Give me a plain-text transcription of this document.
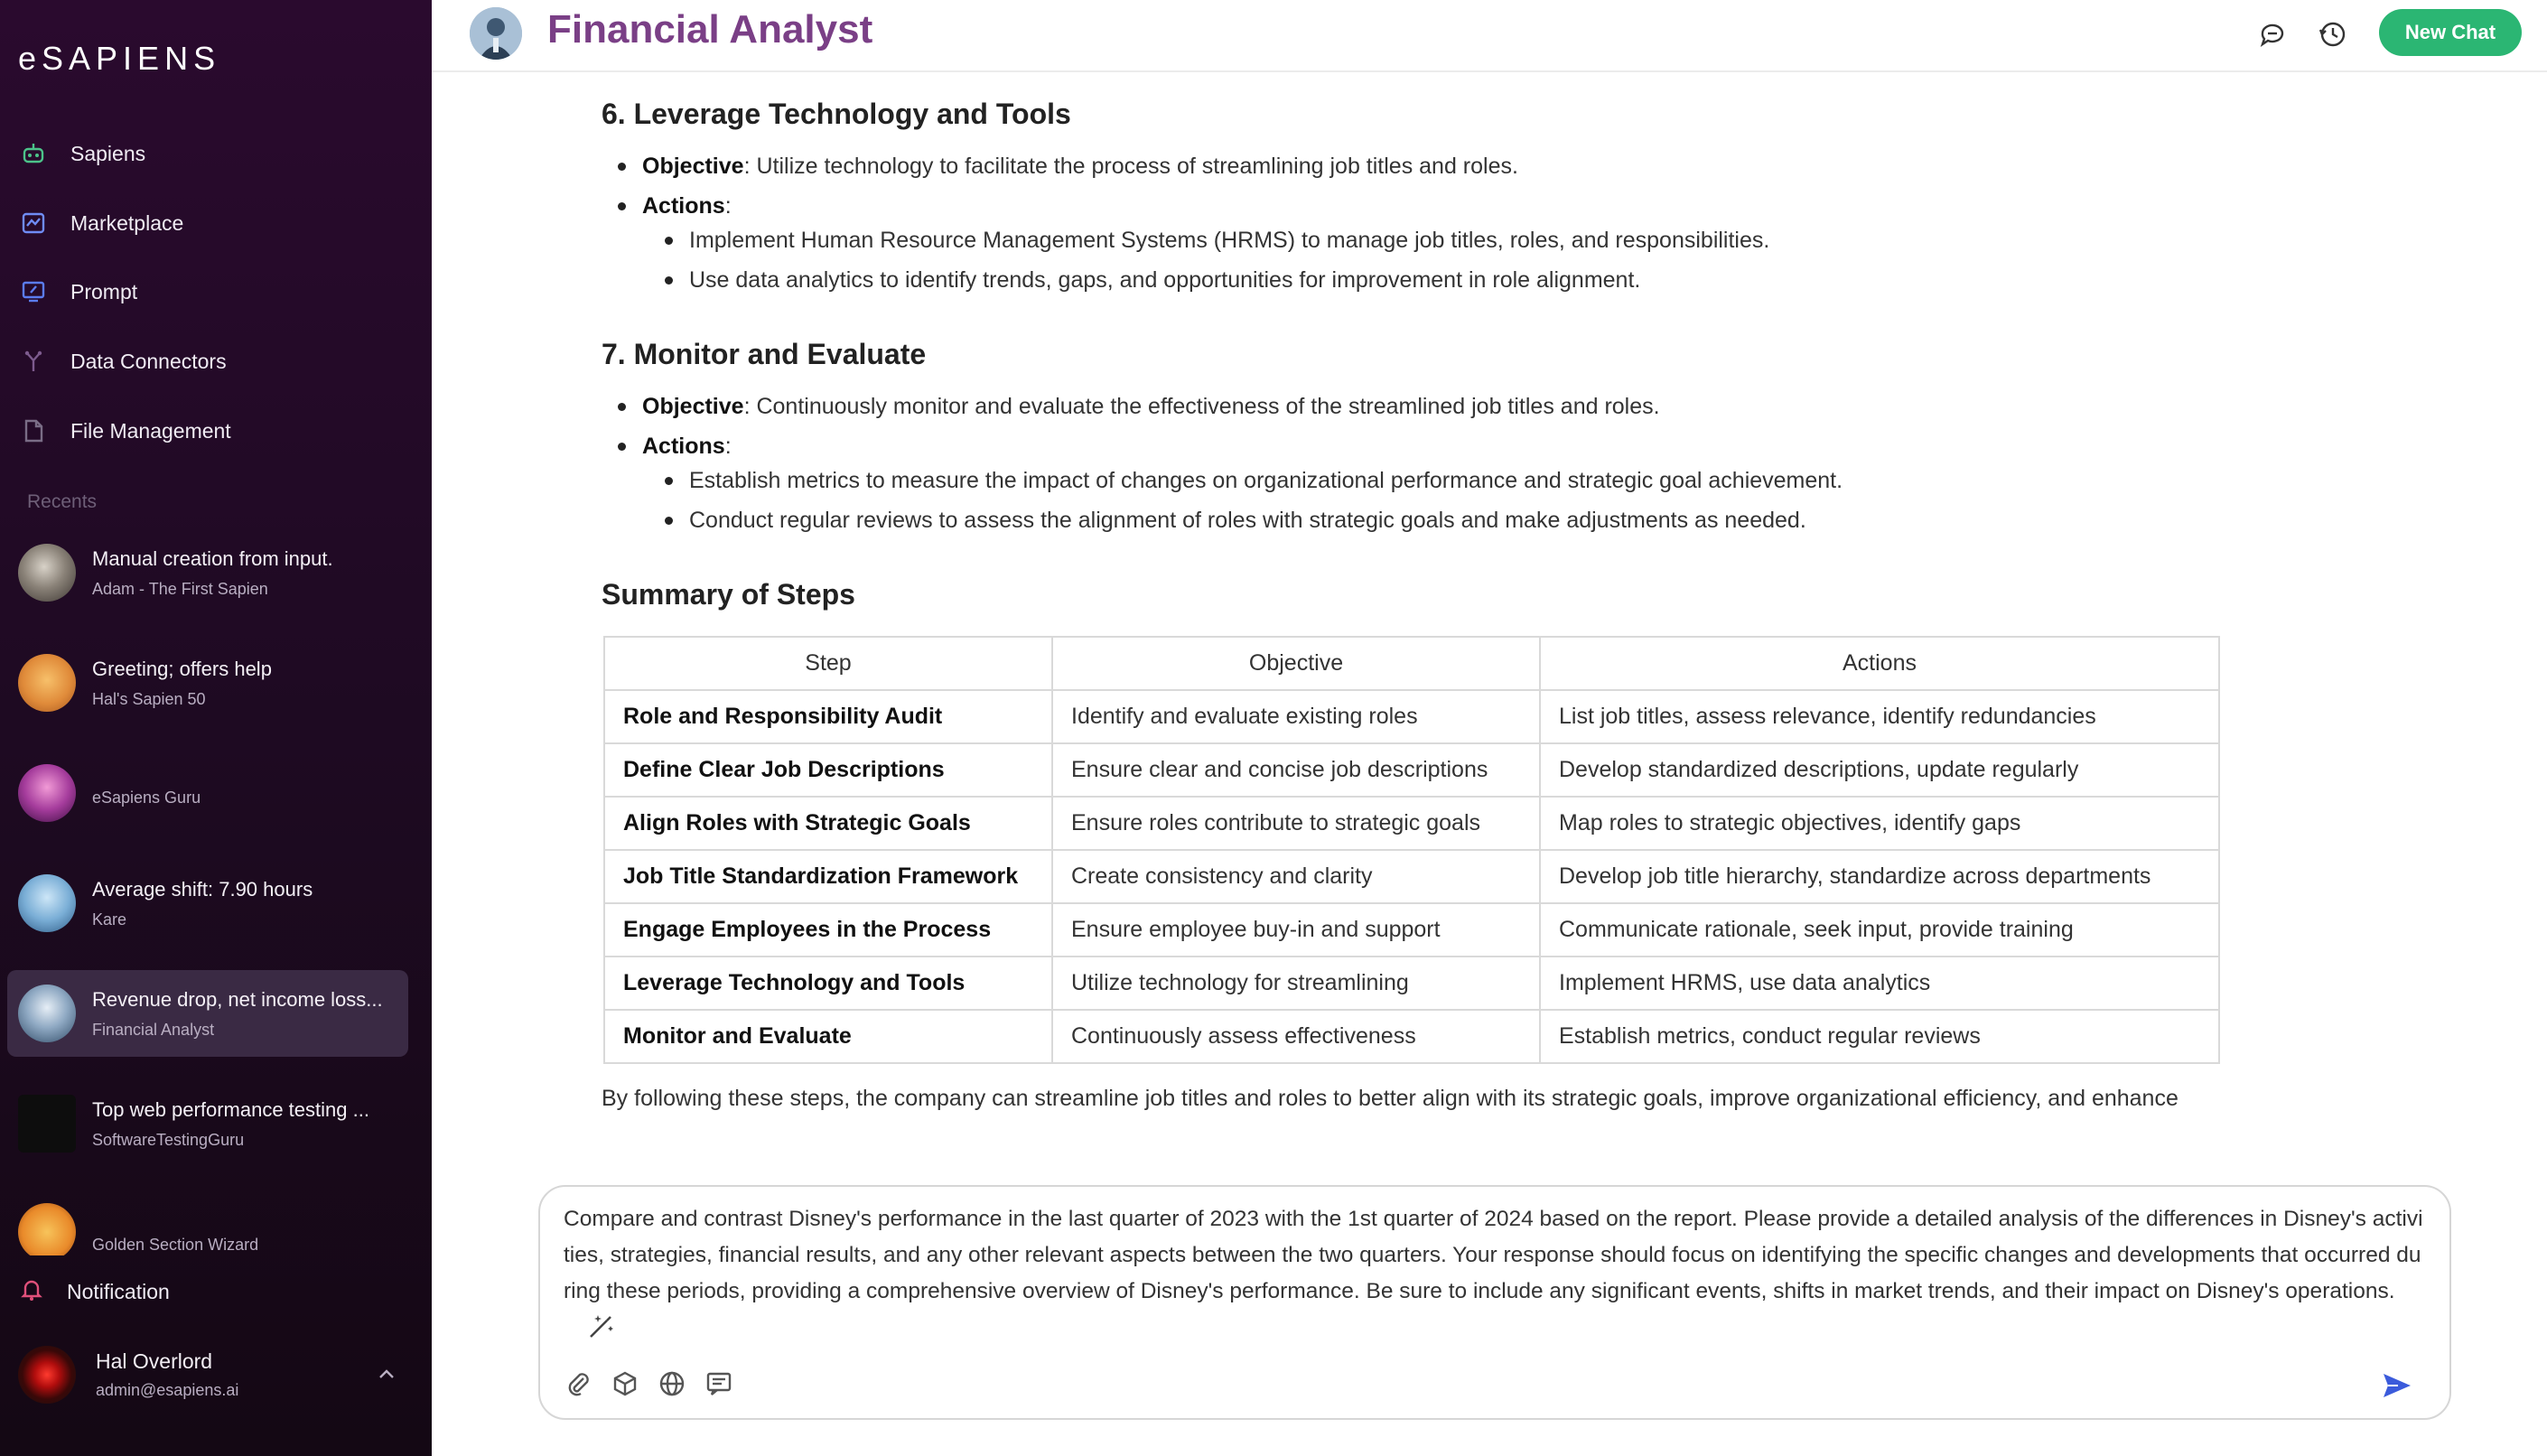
eSAPIENS
Sapiens
Marketplace
Prompt
Data Connectors
File Management
Recents
Manual creation from input.
Adam - The First Sapien
Greeting; offers help
Hal's Sapien 50
eSapiens Guru
Average shift: 7.90 hours
Kare
Revenue drop, net income loss...
Financial Analyst
Top web performance testing ...
SoftwareTestingGuru
Golden Section Wizard
Notification
Hal Overlord
admin@esapiens.ai
Financial Analyst	New Chat
6. Leverage Technology and Tools
Objective : Utilize technology to facilitate the process of streamlining job titles and roles.
Actions :
Implement Human Resource Management Systems (HRMS) to manage job titles, roles, and responsibilities.
Use data analytics to identify trends, gaps, and opportunities for improvement in role alignment.
7. Monitor and Evaluate
Objective : Continuously monitor and evaluate the effectiveness of the streamlined job titles and roles.
Actions :
Establish metrics to measure the impact of changes on organizational performance and strategic goal achievement.
Conduct regular reviews to assess the alignment of roles with strategic goals and make adjustments as needed.
Summary of Steps
Step	Objective	Actions
Role and Responsibility Audit	Identify and evaluate existing roles	List job titles, assess relevance, identify redundancies
Define Clear Job Descriptions	Ensure clear and concise job descriptions	Develop standardized descriptions, update regularly
Align Roles with Strategic Goals	Ensure roles contribute to strategic goals	Map roles to strategic objectives, identify gaps
Job Title Standardization Framework	Create consistency and clarity	Develop job title hierarchy, standardize across departments
Engage Employees in the Process	Ensure employee buy-in and support	Communicate rationale, seek input, provide training
Leverage Technology and Tools	Utilize technology for streamlining	Implement HRMS, use data analytics
Monitor and Evaluate	Continuously assess effectiveness	Establish metrics, conduct regular reviews
By following these steps, the company can streamline job titles and roles to better align with its strategic goals, improve organizational efficiency, and enhance
Compare and contrast Disney's performance in the last quarter of 2023 with the 1st quarter of 2024 based on the report. Please provide a detailed analysis of the differences in Disney's activities, strategies, financial results, and any other relevant aspects between the two quarters. Your response should focus on identifying the specific changes and developments that occurred during these periods, providing a comprehensive overview of Disney's performance. Be sure to include any significant events, shifts in market trends, and their impact on Disney's operations.
